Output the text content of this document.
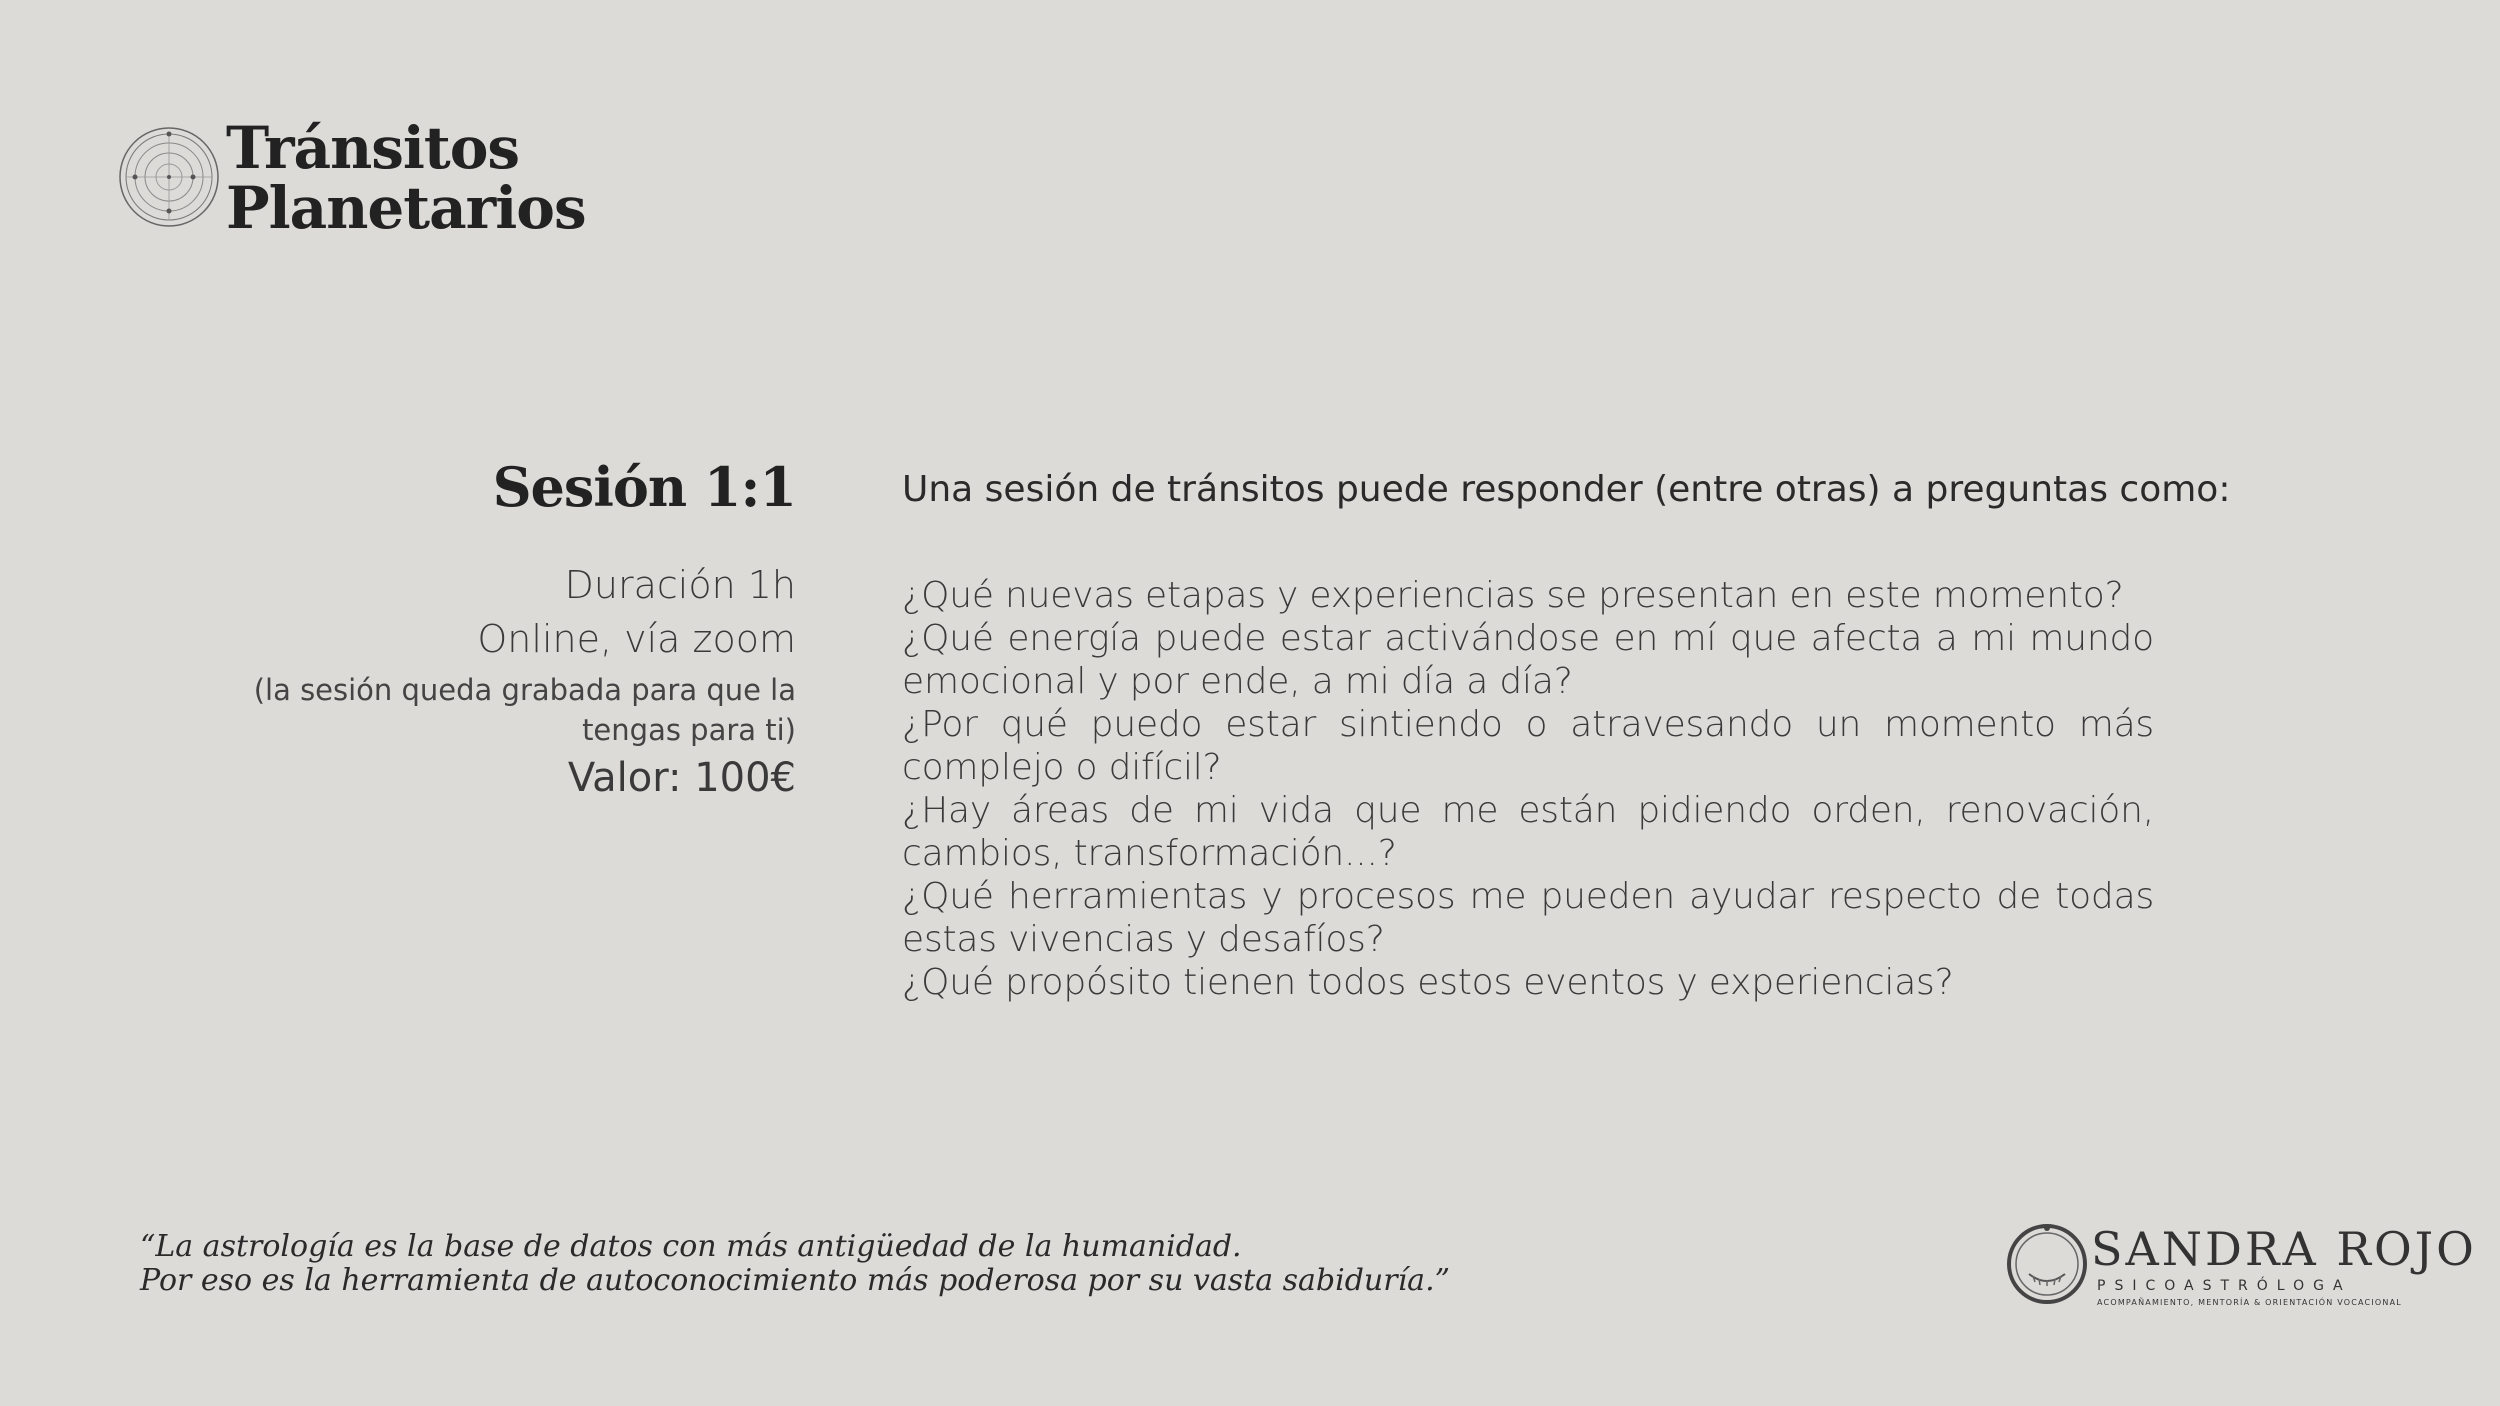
Tránsitos
Planetarios
Sesión 1:1
Duración 1h
Online, vía zoom
(la sesión queda grabada para que la tengas para ti)
Valor: 100€
Una sesión de tránsitos puede responder (entre otras) a preguntas como:
¿Qué nuevas etapas y experiencias se presentan en este momento?
¿Qué energía puede estar activándose en mí que afecta a mi mundo emocional y por ende, a mi día a día?
¿Por qué puedo estar sintiendo o atravesando un momento más complejo o difícil?
¿Hay áreas de mi vida que me están pidiendo orden, renovación, cambios, transformación...?
¿Qué herramientas y procesos me pueden ayudar respecto de todas estas vivencias y desafíos?
¿Qué propósito tienen todos estos eventos y experiencias?
“La astrología es la base de datos con más antigüedad de la humanidad.
Por eso es la herramienta de autoconocimiento más poderosa por su vasta sabiduría.”
SANDRA ROJO
PSICOASTRÓLOGA
ACOMPAÑAMIENTO, MENTORÍA & ORIENTACIÓN VOCACIONAL
